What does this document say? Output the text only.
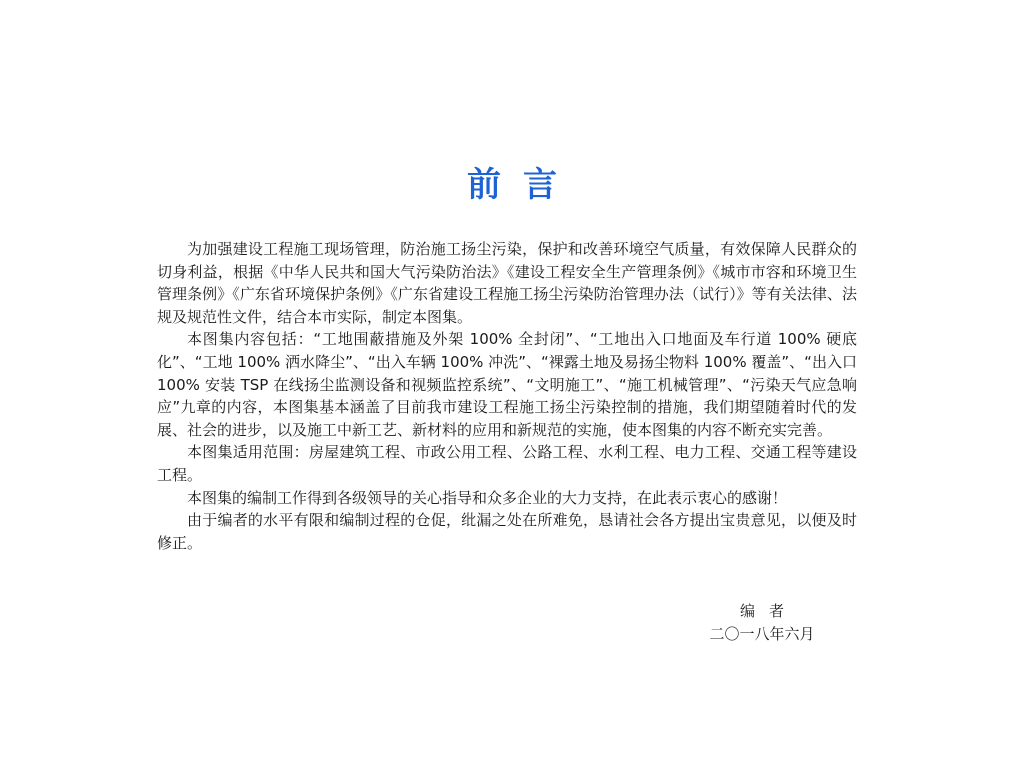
前言

为加强建设工程施工现场管理，防治施工扬尘污染，保护和改善环境空气质量，有效保障人民群众的切身利益，根据《中华人民共和国大气污染防治法》《建设工程安全生产管理条例》《城市市容和环境卫生管理条例》《广东省环境保护条例》《广东省建设工程施工扬尘污染防治管理办法（试行）》等有关法律、法规及规范性文件，结合本市实际，制定本图集。

本图集内容包括：“工地围蔽措施及外架 100% 全封闭”、“工地出入口地面及车行道 100% 硬底化”、“工地 100% 洒水降尘”、“出入车辆 100% 冲洗”、“裸露土地及易扬尘物料 100% 覆盖”、“出入口 100% 安装 TSP 在线扬尘监测设备和视频监控系统”、“文明施工”、“施工机械管理”、“污染天气应急响应”九章的内容，本图集基本涵盖了目前我市建设工程施工扬尘污染控制的措施，我们期望随着时代的发展、社会的进步，以及施工中新工艺、新材料的应用和新规范的实施，使本图集的内容不断充实完善。

本图集适用范围：房屋建筑工程、市政公用工程、公路工程、水利工程、电力工程、交通工程等建设工程。

本图集的编制工作得到各级领导的关心指导和众多企业的大力支持，在此表示衷心的感谢！

由于编者的水平有限和编制过程的仓促，纰漏之处在所难免，恳请社会各方提出宝贵意见，以便及时修正。

编者
二〇一八年六月
